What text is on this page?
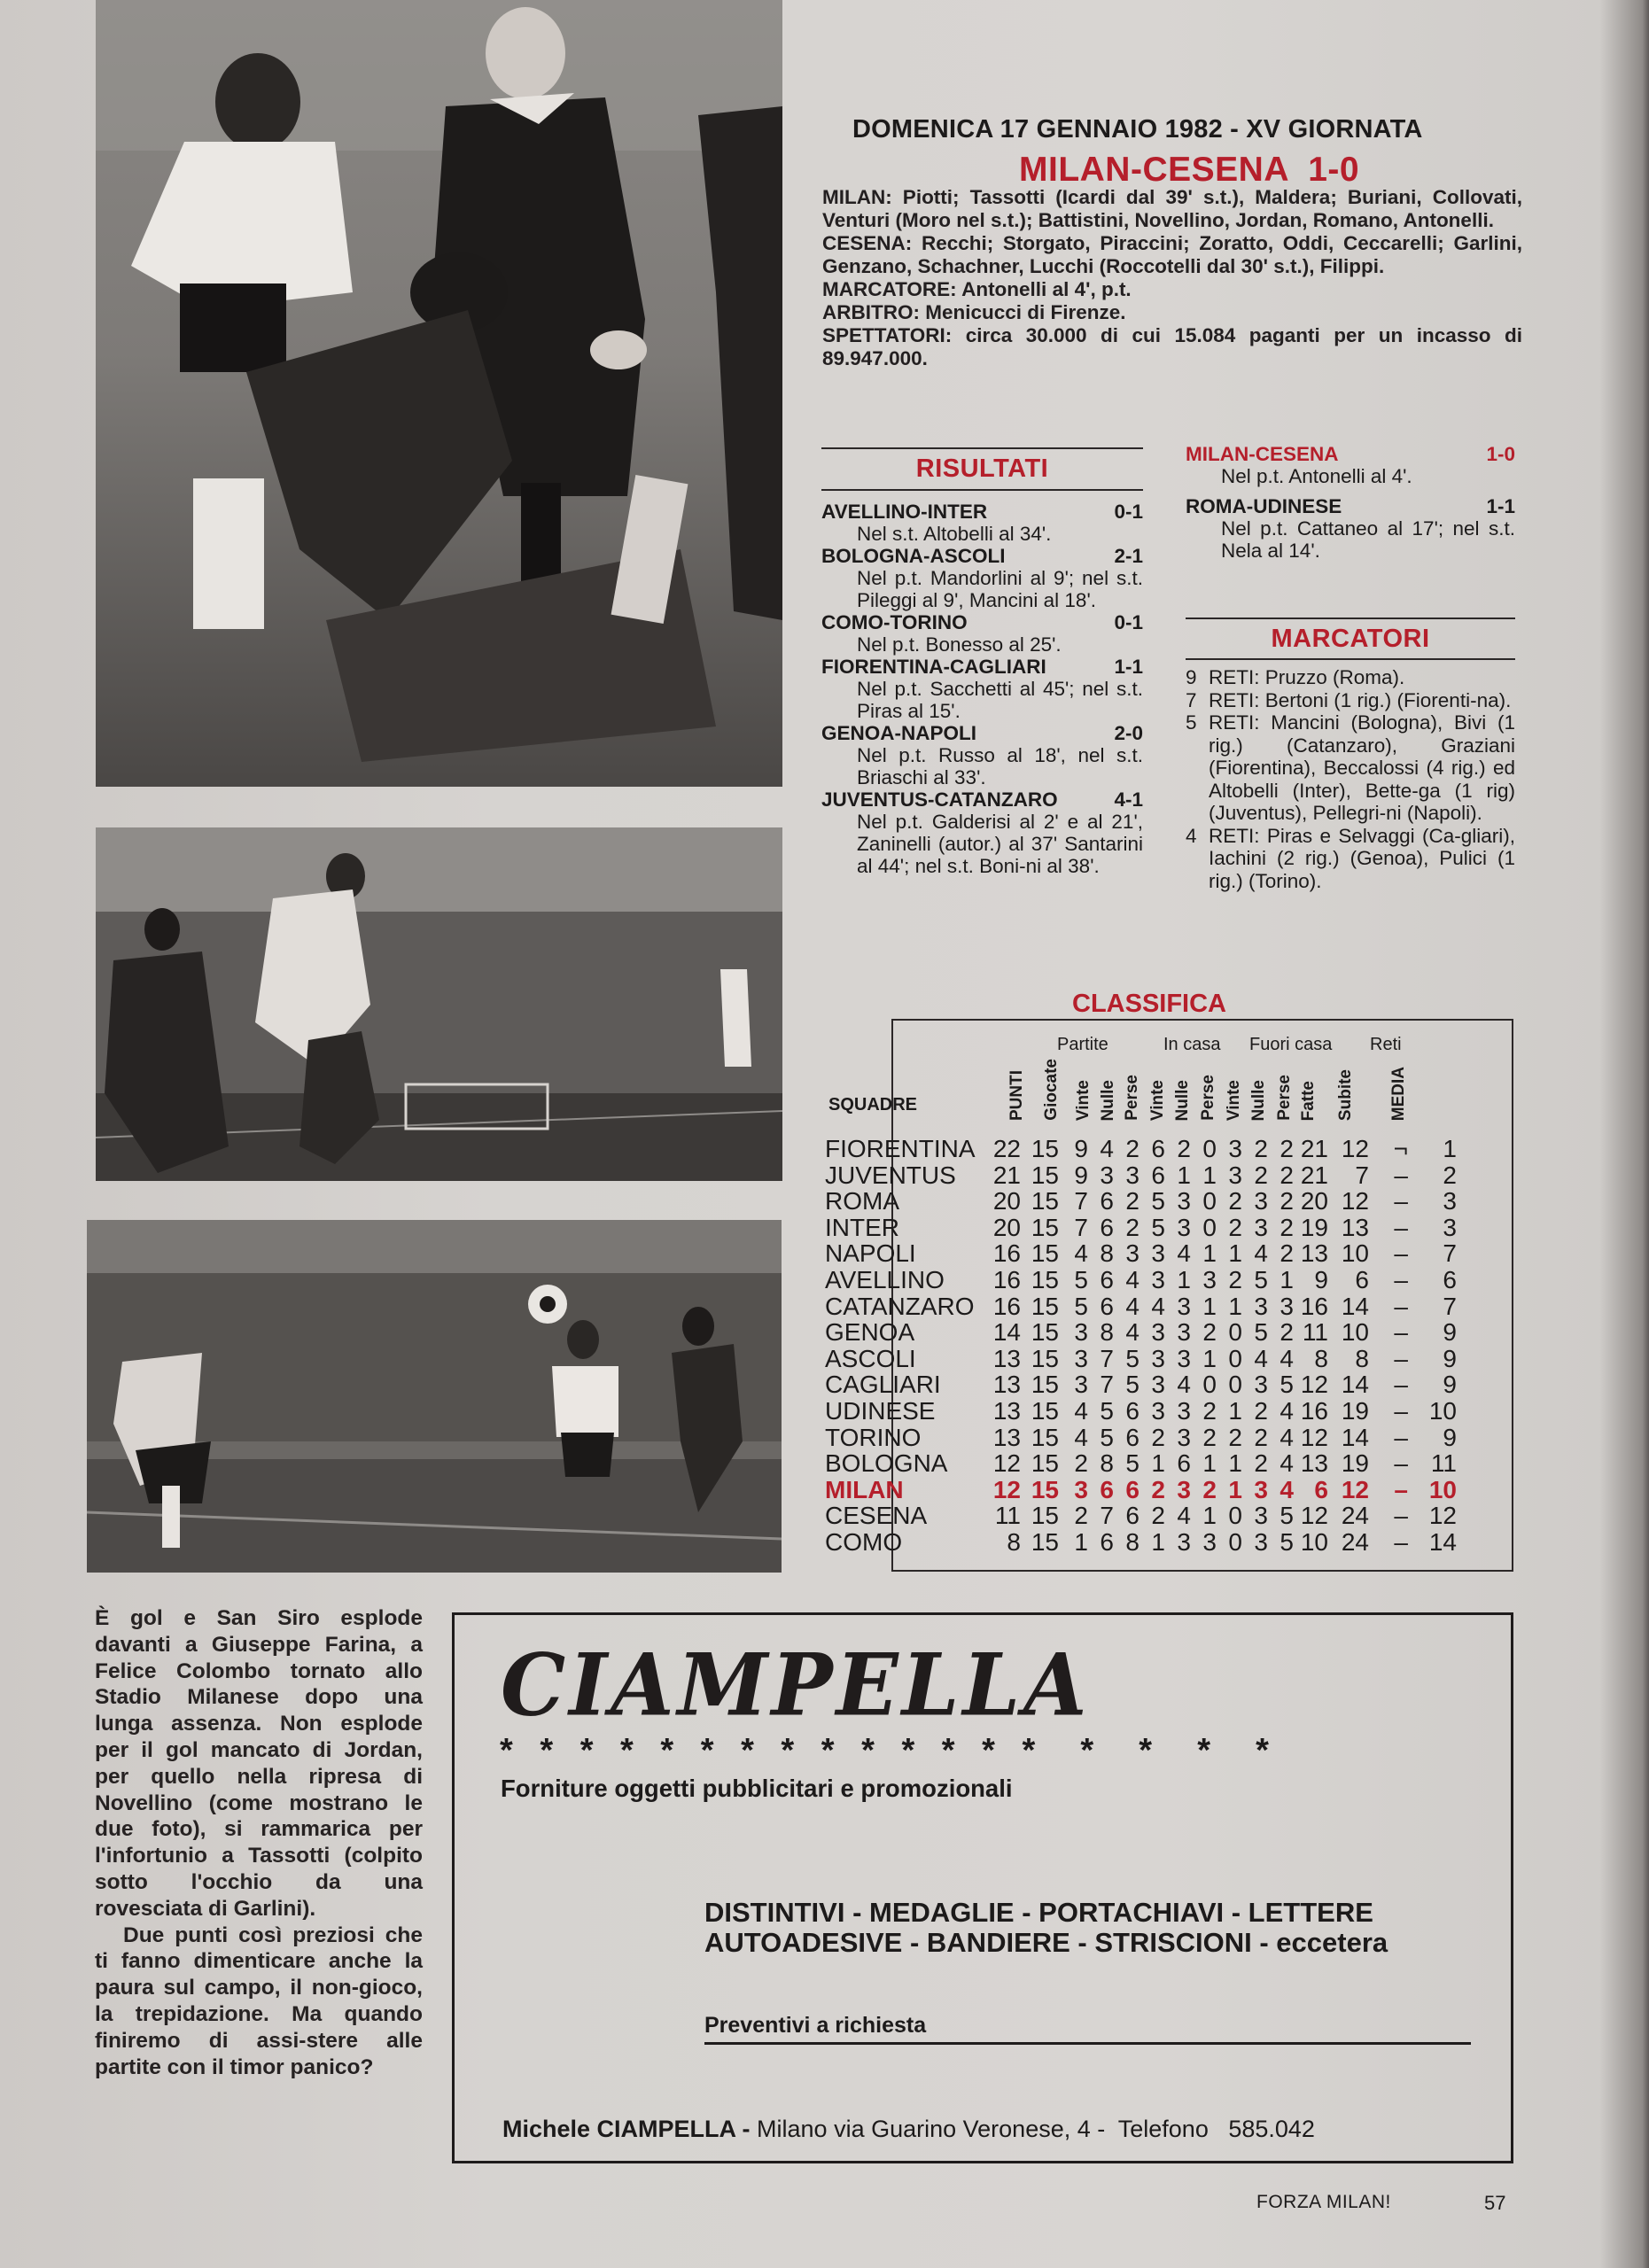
DOMENICA 17 GENNAIO 1982 - XV GIORNATA
MILAN-CESENA  1-0

MILAN: Piotti; Tassotti (Icardi dal 39' s.t.), Maldera; Buriani, Collovati, Venturi (Moro nel s.t.); Battistini, Novellino, Jordan, Romano, Antonelli.

CESENA: Recchi; Storgato, Piraccini; Zoratto, Oddi, Ceccarelli; Garlini, Genzano, Schachner, Lucchi (Roccotelli dal 30' s.t.), Filippi.

MARCATORE: Antonelli al 4', p.t.

ARBITRO: Menicucci di Firenze.

SPETTATORI: circa 30.000 di cui 15.084 paganti per un incasso di 89.947.000.

RISULTATI
AVELLINO-INTER	0-1
Nel s.t. Altobelli al 34'.
BOLOGNA-ASCOLI	2-1
Nel p.t. Mandorlini al 9'; nel s.t. Pileggi al 9', Mancini al 18'.
COMO-TORINO	0-1
Nel p.t. Bonesso al 25'.
FIORENTINA-CAGLIARI	1-1
Nel p.t. Sacchetti al 45'; nel s.t. Piras al 15'.
GENOA-NAPOLI	2-0
Nel p.t. Russo al 18', nel s.t. Briaschi al 33'.
JUVENTUS-CATANZARO	4-1
Nel p.t. Galderisi al 2' e al 21', Zaninelli (autor.) al 37' Santarini al 44'; nel s.t. Boni-ni al 38'.
MILAN-CESENA	1-0
Nel p.t. Antonelli al 4'.
ROMA-UDINESE	1-1
Nel p.t. Cattaneo al 17'; nel s.t. Nela al 14'.
MARCATORI
9 RETI: Pruzzo (Roma).
7 RETI: Bertoni (1 rig.) (Fiorenti-na).
5 RETI: Mancini (Bologna), Bivi (1 rig.) (Catanzaro), Graziani (Fiorentina), Beccalossi (4 rig.) ed Altobelli (Inter), Bette-ga (1 rig) (Juventus), Pellegri-ni (Napoli).
4 RETI: Piras e Selvaggi (Ca-gliari), Iachini (2 rig.) (Genoa), Pulici (1 rig.) (Torino).
CLASSIFICA
Partite	In casa Fuori casa Reti
SQUADRE	PUNTI Giocate Vinte Nulle Perse Vinte Nulle Perse Vinte Nulle Perse Fatte Subite MEDIA
FIORENTINA	22	15	9	4	2	6	2	0	3	2	2	21	12	¬	1
JUVENTUS	21	15	9	3	3	6	1	1	3	2	2	21	7	–	2
ROMA	20	15	7	6	2	5	3	0	2	3	2	20	12	–	3
INTER	20	15	7	6	2	5	3	0	2	3	2	19	13	–	3
NAPOLI	16	15	4	8	3	3	4	1	1	4	2	13	10	–	7
AVELLINO	16	15	5	6	4	3	1	3	2	5	1	9	6	–	6
CATANZARO	16	15	5	6	4	4	3	1	1	3	3	16	14	–	7
GENOA	14	15	3	8	4	3	3	2	0	5	2	11	10	–	9
ASCOLI	13	15	3	7	5	3	3	1	0	4	4	8	8	–	9
CAGLIARI	13	15	3	7	5	3	4	0	0	3	5	12	14	–	9
UDINESE	13	15	4	5	6	3	3	2	1	2	4	16	19	–	10
TORINO	13	15	4	5	6	2	3	2	2	2	4	12	14	–	9
BOLOGNA	12	15	2	8	5	1	6	1	1	2	4	13	19	–	11
MILAN	12	15	3	6	6	2	3	2	1	3	4	6	12	–	10
CESENA	11	15	2	7	6	2	4	1	0	3	5	12	24	–	12
COMO	8	15	1	6	8	1	3	3	0	3	5	10	24	–	14

È gol e San Siro esplode davanti a Giuseppe Farina, a Felice Colombo tornato allo Stadio Milanese dopo una lunga assenza. Non esplode per il gol mancato di Jordan, per quello nella ripresa di Novellino (come mostrano le due foto), si rammarica per l'infortunio a Tassotti (colpito sotto l'occhio da una rovesciata di Garlini).

Due punti così preziosi che ti fanno dimenticare anche la paura sul campo, il non-gioco, la trepidazione. Ma quando finiremo di assi-stere alle partite con il timor panico?

CIAMPELLA
* * * * * * * * * * * * * *  *  *  *  *
Forniture oggetti pubblicitari e promozionali
DISTINTIVI - MEDAGLIE - PORTACHIAVI - LETTERE
AUTOADESIVE - BANDIERE - STRISCIONI - eccetera
Preventivi a richiesta
Michele CIAMPELLA - Milano via Guarino Veronese, 4 -  Telefono   585.042
FORZA MILAN!	57
